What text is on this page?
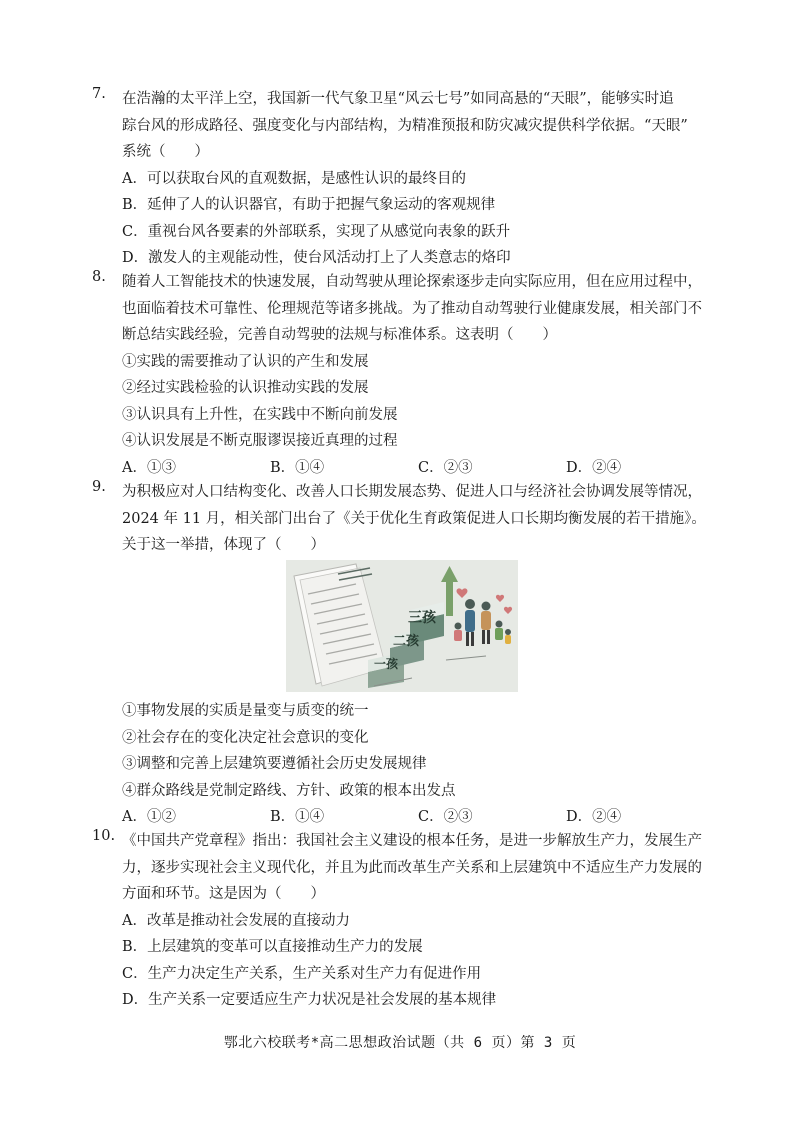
7.	在浩瀚的太平洋上空，我国新一代气象卫星“风云七号”如同高悬的“天眼”，能够实时追
踪台风的形成路径、强度变化与内部结构，为精准预报和防灾减灾提供科学依据。“天眼”
系统（　　）
A．可以获取台风的直观数据，是感性认识的最终目的
B．延伸了人的认识器官，有助于把握气象运动的客观规律
C．重视台风各要素的外部联系，实现了从感觉向表象的跃升
D．激发人的主观能动性，使台风活动打上了人类意志的烙印
8.	随着人工智能技术的快速发展，自动驾驶从理论探索逐步走向实际应用，但在应用过程中，
也面临着技术可靠性、伦理规范等诸多挑战。为了推动自动驾驶行业健康发展，相关部门不
断总结实践经验，完善自动驾驶的法规与标准体系。这表明（　　）
①实践的需要推动了认识的产生和发展
②经过实践检验的认识推动实践的发展
③认识具有上升性，在实践中不断向前发展
④认识发展是不断克服谬误接近真理的过程
A．①③	B．①④	C．②③	D．②④
9.	为积极应对人口结构变化、改善人口长期发展态势、促进人口与经济社会协调发展等情况，
2024 年 11 月，相关部门出台了《关于优化生育政策促进人口长期均衡发展的若干措施》。
关于这一举措，体现了（　　）
一孩
二孩
三孩
①事物发展的实质是量变与质变的统一
②社会存在的变化决定社会意识的变化
③调整和完善上层建筑要遵循社会历史发展规律
④群众路线是党制定路线、方针、政策的根本出发点
A．①②	B．①④	C．②③	D．②④
10. 《中国共产党章程》指出：我国社会主义建设的根本任务，是进一步解放生产力，发展生产
力，逐步实现社会主义现代化，并且为此而改革生产关系和上层建筑中不适应生产力发展的
方面和环节。这是因为（　　）
A．改革是推动社会发展的直接动力
B．上层建筑的变革可以直接推动生产力的发展
C．生产力决定生产关系，生产关系对生产力有促进作用
D．生产关系一定要适应生产力状况是社会发展的基本规律
鄂北六校联考*高二思想政治试题（共 6 页）第 3 页
